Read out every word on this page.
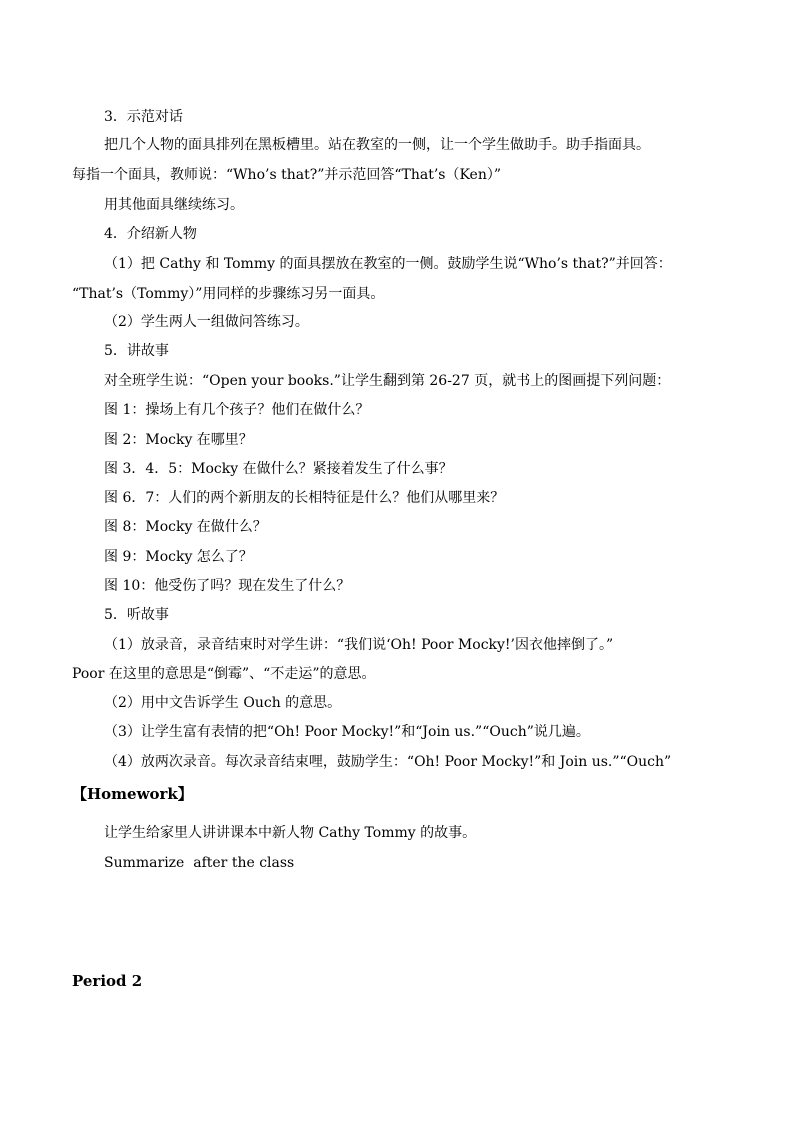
3．示范对话
把几个人物的面具排列在黑板槽里。站在教室的一侧，让一个学生做助手。助手指面具。
每指一个面具，教师说：“Who’s that?”并示范回答“That’s（Ken）”
用其他面具继续练习。
4．介绍新人物
（1）把 Cathy 和 Tommy 的面具摆放在教室的一侧。鼓励学生说“Who’s that?”并回答：
“That’s（Tommy）”用同样的步骤练习另一面具。
（2）学生两人一组做问答练习。
5．讲故事
对全班学生说：“Open your books.”让学生翻到第 26-27 页，就书上的图画提下列问题：
图 1：操场上有几个孩子？他们在做什么？
图 2：Mocky 在哪里？
图 3．4．5：Mocky 在做什么？紧接着发生了什么事？
图 6．7：人们的两个新朋友的长相特征是什么？他们从哪里来？
图 8：Mocky 在做什么？
图 9：Mocky 怎么了？
图 10：他受伤了吗？现在发生了什么？
5．听故事
（1）放录音，录音结束时对学生讲：“我们说‘Oh! Poor Mocky!’因衣他摔倒了。”
Poor 在这里的意思是“倒霉”、“不走运”的意思。
（2）用中文告诉学生 Ouch 的意思。
（3）让学生富有表情的把“Oh! Poor Mocky!”和“Join us.”“Ouch”说几遍。
（4）放两次录音。每次录音结束哩，鼓励学生：“Oh! Poor Mocky!”和 Join us.”“Ouch”
【Homework】
让学生给家里人讲讲课本中新人物 Cathy Tommy 的故事。
Summarize  after the class
Period 2
